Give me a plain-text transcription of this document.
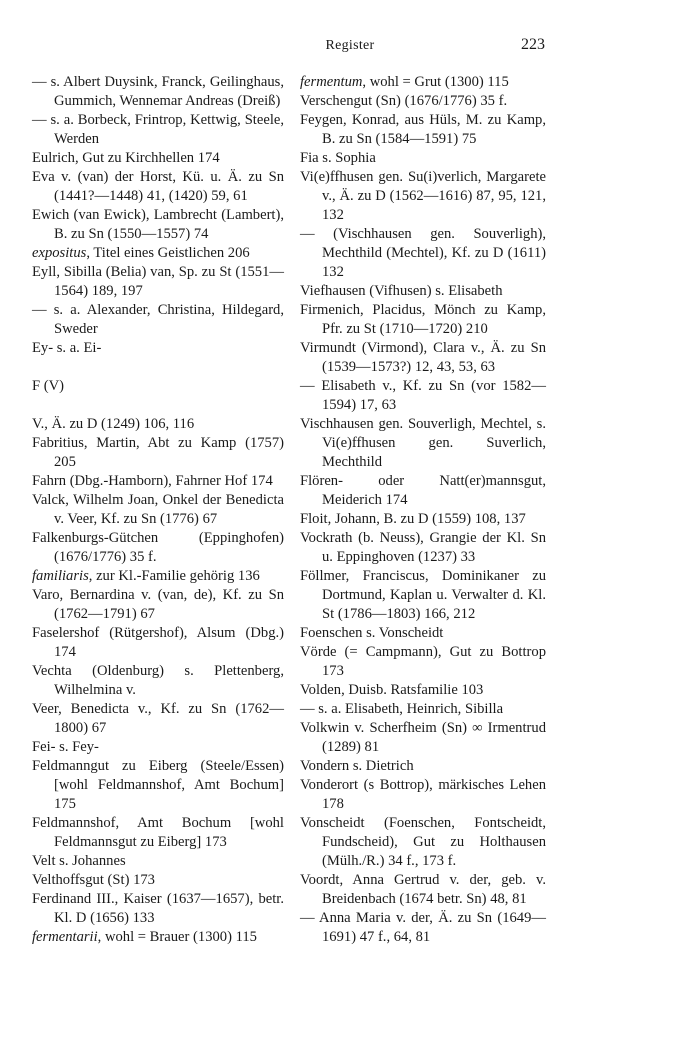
Register	223

— s. Albert Duysink, Franck, Geilinghaus, Gummich, Wennemar Andreas (Dreiß)

— s. a. Borbeck, Frintrop, Kettwig, Steele, Werden

Eulrich, Gut zu Kirchhellen 174

Eva v. (van) der Horst, Kü. u. Ä. zu Sn (1441?—1448) 41, (1420) 59, 61

Ewich (van Ewick), Lambrecht (Lambert), B. zu Sn (1550—1557) 74

expositus, Titel eines Geistlichen 206

Eyll, Sibilla (Belia) van, Sp. zu St (1551—1564) 189, 197

— s. a. Alexander, Christina, Hildegard, Sweder

Ey- s. a. Ei-

F (V)

V., Ä. zu D (1249) 106, 116

Fabritius, Martin, Abt zu Kamp (1757) 205

Fahrn (Dbg.-Hamborn), Fahrner Hof 174

Valck, Wilhelm Joan, Onkel der Benedicta v. Veer, Kf. zu Sn (1776) 67

Falkenburgs-Gütchen (Eppinghofen) (1676/1776) 35 f.

familiaris, zur Kl.-Familie gehörig 136

Varo, Bernardina v. (van, de), Kf. zu Sn (1762—1791) 67

Faselershof (Rütgershof), Alsum (Dbg.) 174

Vechta (Oldenburg) s. Plettenberg, Wilhelmina v.

Veer, Benedicta v., Kf. zu Sn (1762—1800) 67

Fei- s. Fey-

Feldmanngut zu Eiberg (Steele/Essen) [wohl Feldmannshof, Amt Bochum] 175

Feldmannshof, Amt Bochum [wohl Feldmannsgut zu Eiberg] 173

Velt s. Johannes

Velthoffsgut (St) 173

Ferdinand III., Kaiser (1637—1657), betr. Kl. D (1656) 133

fermentarii, wohl = Brauer (1300) 115

fermentum, wohl = Grut (1300) 115

Verschengut (Sn) (1676/1776) 35 f.

Feygen, Konrad, aus Hüls, M. zu Kamp, B. zu Sn (1584—1591) 75

Fia s. Sophia

Vi(e)ffhusen gen. Su(i)verlich, Margarete v., Ä. zu D (1562—1616) 87, 95, 121, 132

— (Vischhausen gen. Souverligh), Mechthild (Mechtel), Kf. zu D (1611) 132

Viefhausen (Vifhusen) s. Elisabeth

Firmenich, Placidus, Mönch zu Kamp, Pfr. zu St (1710—1720) 210

Virmundt (Virmond), Clara v., Ä. zu Sn (1539—1573?) 12, 43, 53, 63

— Elisabeth v., Kf. zu Sn (vor 1582—1594) 17, 63

Vischhausen gen. Souverligh, Mechtel, s. Vi(e)ffhusen gen. Suverlich, Mechthild

Flören- oder Natt(er)mannsgut, Meiderich 174

Floit, Johann, B. zu D (1559) 108, 137

Vockrath (b. Neuss), Grangie der Kl. Sn u. Eppinghoven (1237) 33

Föllmer, Franciscus, Dominikaner zu Dortmund, Kaplan u. Verwalter d. Kl. St (1786—1803) 166, 212

Foenschen s. Vonscheidt

Vörde (= Campmann), Gut zu Bottrop 173

Volden, Duisb. Ratsfamilie 103

— s. a. Elisabeth, Heinrich, Sibilla

Volkwin v. Scherfheim (Sn) ∞ Irmentrud (1289) 81

Vondern s. Dietrich

Vonderort (s Bottrop), märkisches Lehen 178

Vonscheidt (Foenschen, Fontscheidt, Fundscheid), Gut zu Holthausen (Mülh./R.) 34 f., 173 f.

Voordt, Anna Gertrud v. der, geb. v. Breidenbach (1674 betr. Sn) 48, 81

— Anna Maria v. der, Ä. zu Sn (1649—1691) 47 f., 64, 81
